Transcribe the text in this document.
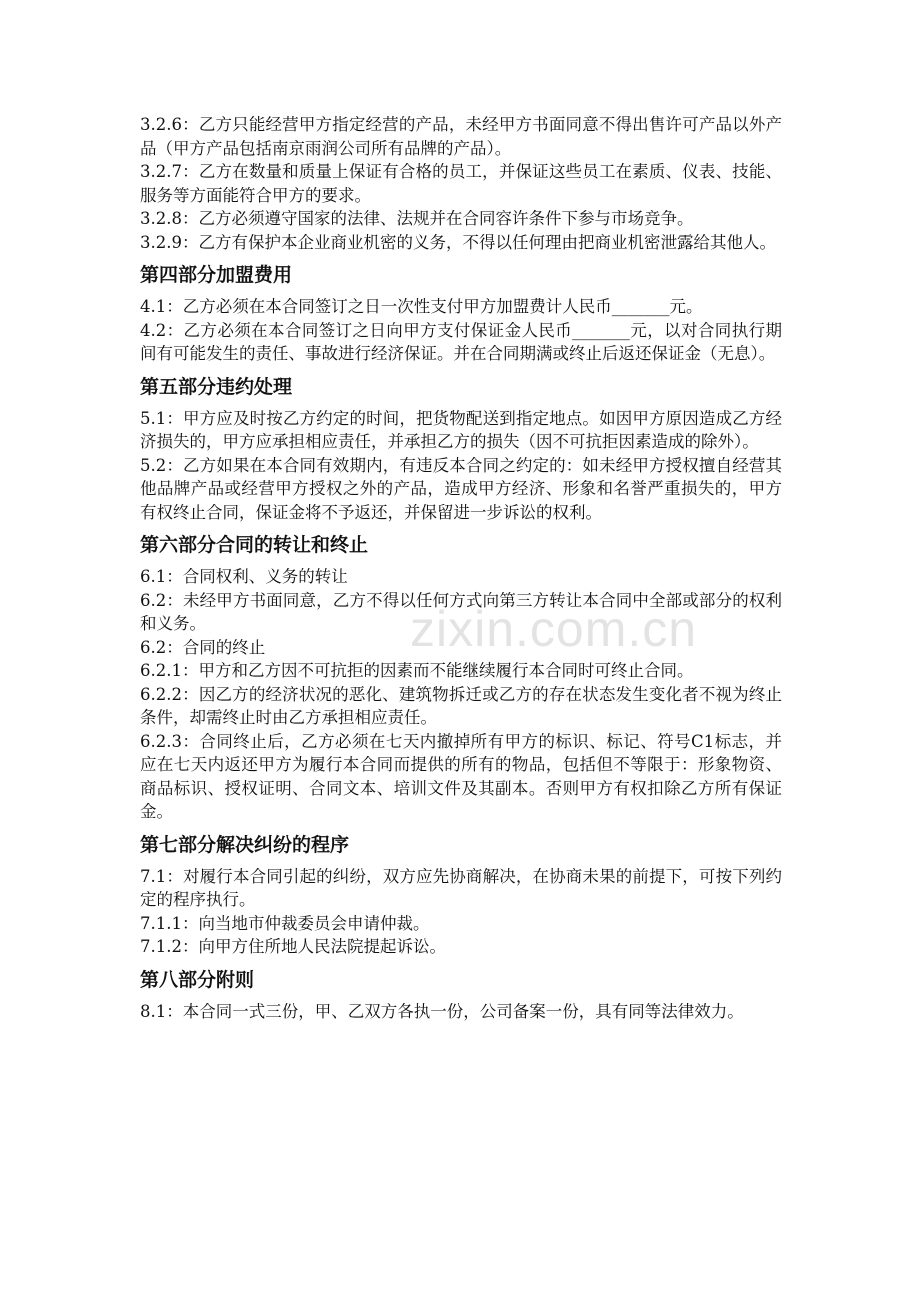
3.2.6：乙方只能经营甲方指定经营的产品，未经甲方书面同意不得出售许可产品以外产品（甲方产品包括南京雨润公司所有品牌的产品）。

3.2.7：乙方在数量和质量上保证有合格的员工，并保证这些员工在素质、仪表、技能、服务等方面能符合甲方的要求。

3.2.8：乙方必须遵守国家的法律、法规并在合同容许条件下参与市场竞争。

3.2.9：乙方有保护本企业商业机密的义务，不得以任何理由把商业机密泄露给其他人。

第四部分加盟费用

4.1：乙方必须在本合同签订之日一次性支付甲方加盟费计人民币_______元。

4.2：乙方必须在本合同签订之日向甲方支付保证金人民币_______元，以对合同执行期间有可能发生的责任、事故进行经济保证。并在合同期满或终止后返还保证金（无息）。

第五部分违约处理

5.1：甲方应及时按乙方约定的时间，把货物配送到指定地点。如因甲方原因造成乙方经济损失的，甲方应承担相应责任，并承担乙方的损失（因不可抗拒因素造成的除外）。

5.2：乙方如果在本合同有效期内，有违反本合同之约定的：如未经甲方授权擅自经营其他品牌产品或经营甲方授权之外的产品，造成甲方经济、形象和名誉严重损失的，甲方有权终止合同，保证金将不予返还，并保留进一步诉讼的权利。

第六部分合同的转让和终止

6.1：合同权利、义务的转让

6.2：未经甲方书面同意，乙方不得以任何方式向第三方转让本合同中全部或部分的权利和义务。

6.2：合同的终止

6.2.1：甲方和乙方因不可抗拒的因素而不能继续履行本合同时可终止合同。

6.2.2：因乙方的经济状况的恶化、建筑物拆迁或乙方的存在状态发生变化者不视为终止条件，却需终止时由乙方承担相应责任。

6.2.3：合同终止后，乙方必须在七天内撤掉所有甲方的标识、标记、符号C1标志，并应在七天内返还甲方为履行本合同而提供的所有的物品，包括但不等限于：形象物资、商品标识、授权证明、合同文本、培训文件及其副本。否则甲方有权扣除乙方所有保证金。

第七部分解决纠纷的程序

7.1：对履行本合同引起的纠纷，双方应先协商解决，在协商未果的前提下，可按下列约定的程序执行。

7.1.1：向当地市仲裁委员会申请仲裁。

7.1.2：向甲方住所地人民法院提起诉讼。

第八部分附则

8.1：本合同一式三份，甲、乙双方各执一份，公司备案一份，具有同等法律效力。

zixin.com.cn
